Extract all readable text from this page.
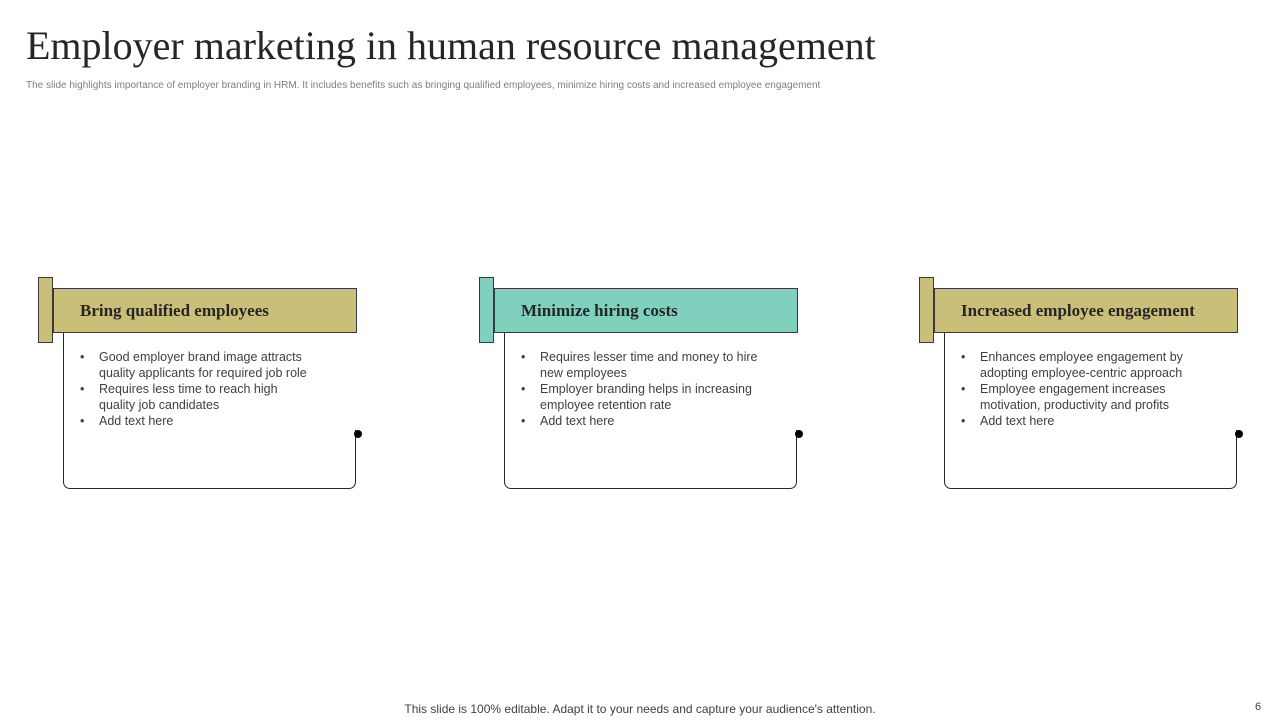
Employer marketing in human resource management

The slide highlights importance of employer branding in HRM. It includes benefits such as bringing qualified employees, minimize hiring costs and increased employee engagement

Bring qualified employees
• Good employer brand image attracts quality applicants for required job role
• Requires less time to reach high quality job candidates
• Add text here
Minimize hiring costs
• Requires lesser time and money to hire new employees
• Employer branding helps in increasing employee retention rate
• Add text here
Increased employee engagement
• Enhances employee engagement by adopting employee-centric approach
• Employee engagement increases motivation, productivity and profits
• Add text here
This slide is 100% editable. Adapt it to your needs and capture your audience's attention.	6
